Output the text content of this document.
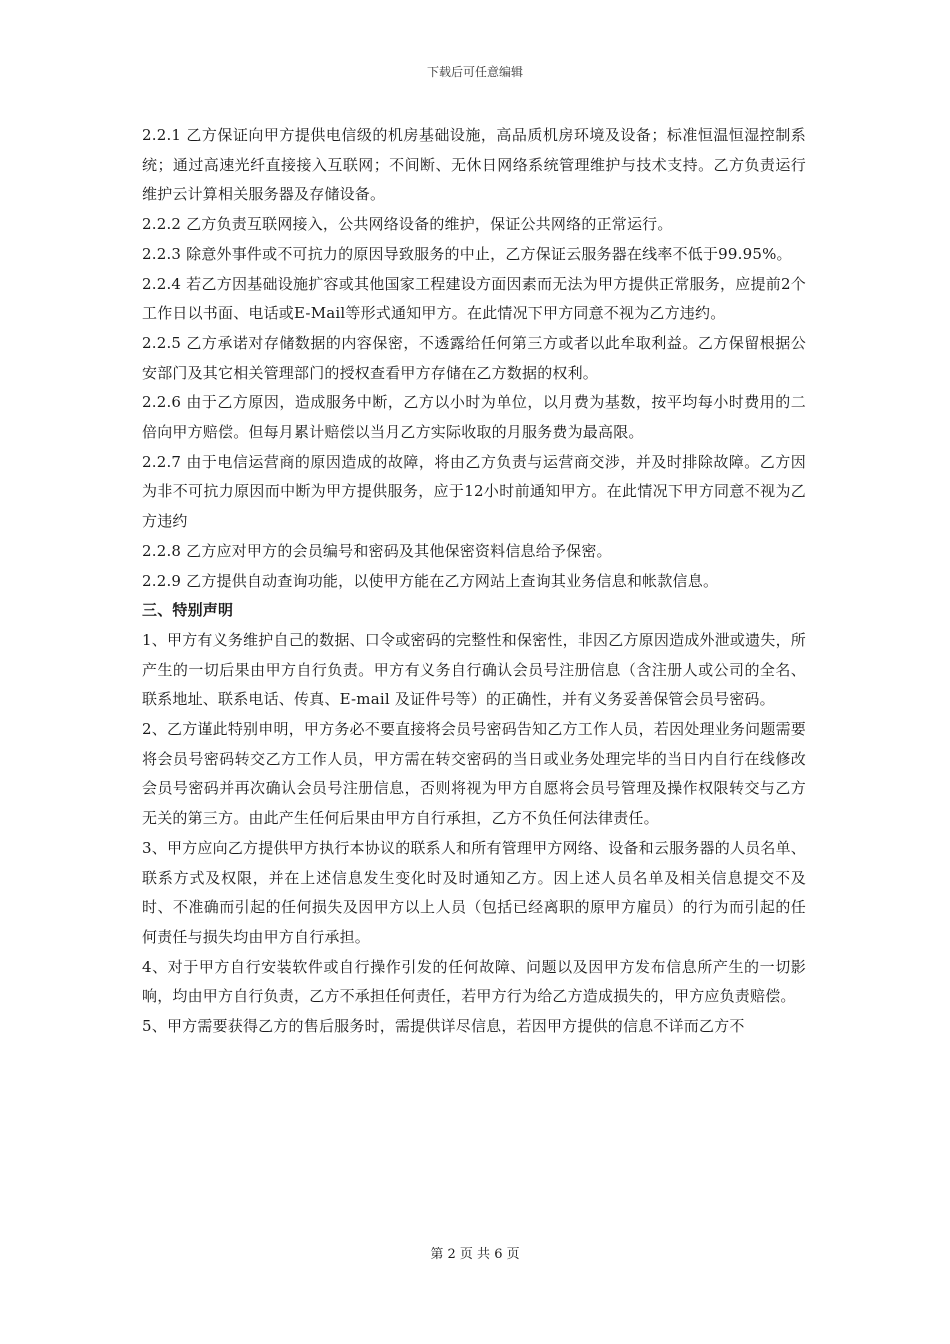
下载后可任意编辑

2.2.1 乙方保证向甲方提供电信级的机房基础设施，高品质机房环境及设备；标准恒温恒湿控制系统；通过高速光纤直接接入互联网；不间断、无休日网络系统管理维护与技术支持。乙方负责运行维护云计算相关服务器及存储设备。

2.2.2 乙方负责互联网接入，公共网络设备的维护，保证公共网络的正常运行。

2.2.3 除意外事件或不可抗力的原因导致服务的中止，乙方保证云服务器在线率不低于99.95%。

2.2.4 若乙方因基础设施扩容或其他国家工程建设方面因素而无法为甲方提供正常服务，应提前2个工作日以书面、电话或E-Mail等形式通知甲方。在此情况下甲方同意不视为乙方违约。

2.2.5 乙方承诺对存储数据的内容保密，不透露给任何第三方或者以此牟取利益。乙方保留根据公安部门及其它相关管理部门的授权查看甲方存储在乙方数据的权利。

2.2.6 由于乙方原因，造成服务中断，乙方以小时为单位，以月费为基数，按平均每小时费用的二倍向甲方赔偿。但每月累计赔偿以当月乙方实际收取的月服务费为最高限。

2.2.7 由于电信运营商的原因造成的故障，将由乙方负责与运营商交涉，并及时排除故障。乙方因为非不可抗力原因而中断为甲方提供服务，应于12小时前通知甲方。在此情况下甲方同意不视为乙方违约

2.2.8 乙方应对甲方的会员编号和密码及其他保密资料信息给予保密。

2.2.9 乙方提供自动查询功能，以使甲方能在乙方网站上查询其业务信息和帐款信息。

三、特别声明

1、甲方有义务维护自己的数据、口令或密码的完整性和保密性，非因乙方原因造成外泄或遗失，所产生的一切后果由甲方自行负责。甲方有义务自行确认会员号注册信息（含注册人或公司的全名、联系地址、联系电话、传真、E-mail 及证件号等）的正确性，并有义务妥善保管会员号密码。

2、乙方谨此特别申明，甲方务必不要直接将会员号密码告知乙方工作人员，若因处理业务问题需要将会员号密码转交乙方工作人员，甲方需在转交密码的当日或业务处理完毕的当日内自行在线修改会员号密码并再次确认会员号注册信息，否则将视为甲方自愿将会员号管理及操作权限转交与乙方无关的第三方。由此产生任何后果由甲方自行承担，乙方不负任何法律责任。

3、甲方应向乙方提供甲方执行本协议的联系人和所有管理甲方网络、设备和云服务器的人员名单、联系方式及权限，并在上述信息发生变化时及时通知乙方。因上述人员名单及相关信息提交不及时、不准确而引起的任何损失及因甲方以上人员（包括已经离职的原甲方雇员）的行为而引起的任何责任与损失均由甲方自行承担。

4、对于甲方自行安装软件或自行操作引发的任何故障、问题以及因甲方发布信息所产生的一切影响，均由甲方自行负责，乙方不承担任何责任，若甲方行为给乙方造成损失的，甲方应负责赔偿。

5、甲方需要获得乙方的售后服务时，需提供详尽信息，若因甲方提供的信息不详而乙方不

第 2 页 共 6 页
